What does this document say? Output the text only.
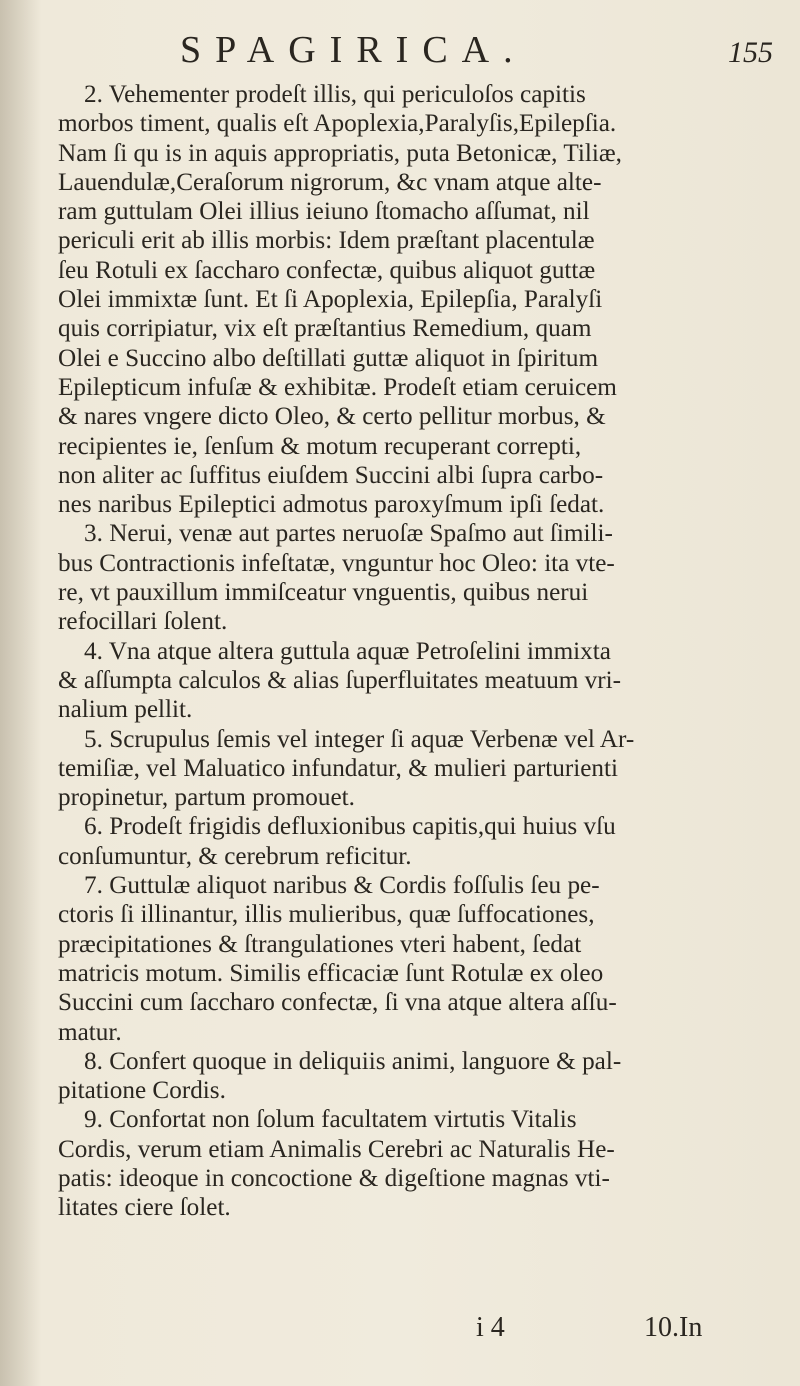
SPAGIRICA.	155
2. Vehementer prodeſt illis, qui periculoſos capitis
morbos timent, qualis eſt Apoplexia,Paralyſis,Epilepſia.
Nam ſi qu is in aquis appropriatis, puta Betonicæ, Tiliæ,
Lauendulæ,Ceraſorum nigrorum, &c vnam atque alte-
ram guttulam Olei illius ieiuno ſtomacho aſſumat, nil
periculi erit ab illis morbis: Idem præſtant placentulæ
ſeu Rotuli ex ſaccharo confectæ, quibus aliquot guttæ
Olei immixtæ ſunt. Et ſi Apoplexia, Epilepſia, Paralyſi
quis corripiatur, vix eſt præſtantius Remedium, quam
Olei e Succino albo deſtillati guttæ aliquot in ſpiritum
Epilepticum infuſæ & exhibitæ. Prodeſt etiam ceruicem
& nares vngere dicto Oleo, & certo pellitur morbus, &
recipientes ie, ſenſum & motum recuperant correpti,
non aliter ac ſuffitus eiuſdem Succini albi ſupra carbo-
nes naribus Epileptici admotus paroxyſmum ipſi ſedat.
3. Nerui, venæ aut partes neruoſæ Spaſmo aut ſimili-
bus Contractionis infeſtatæ, vnguntur hoc Oleo: ita vte-
re, vt pauxillum immiſceatur vnguentis, quibus nerui
refocillari ſolent.
4. Vna atque altera guttula aquæ Petroſelini immixta
& aſſumpta calculos & alias ſuperfluitates meatuum vri-
nalium pellit.
5. Scrupulus ſemis vel integer ſi aquæ Verbenæ vel Ar-
temiſiæ, vel Maluatico infundatur, & mulieri parturienti
propinetur, partum promouet.
6. Prodeſt frigidis defluxionibus capitis,qui huius vſu
conſumuntur, & cerebrum reficitur.
7. Guttulæ aliquot naribus & Cordis foſſulis ſeu pe-
ctoris ſi illinantur, illis mulieribus, quæ ſuffocationes,
præcipitationes & ſtrangulationes vteri habent, ſedat
matricis motum. Similis efficaciæ ſunt Rotulæ ex oleo
Succini cum ſaccharo confectæ, ſi vna atque altera aſſu-
matur.
8. Confert quoque in deliquiis animi, languore & pal-
pitatione Cordis.
9. Confortat non ſolum facultatem virtutis Vitalis
Cordis, verum etiam Animalis Cerebri ac Naturalis He-
patis: ideoque in concoctione & digeſtione magnas vti-
litates ciere ſolet.
i 4	10.In
